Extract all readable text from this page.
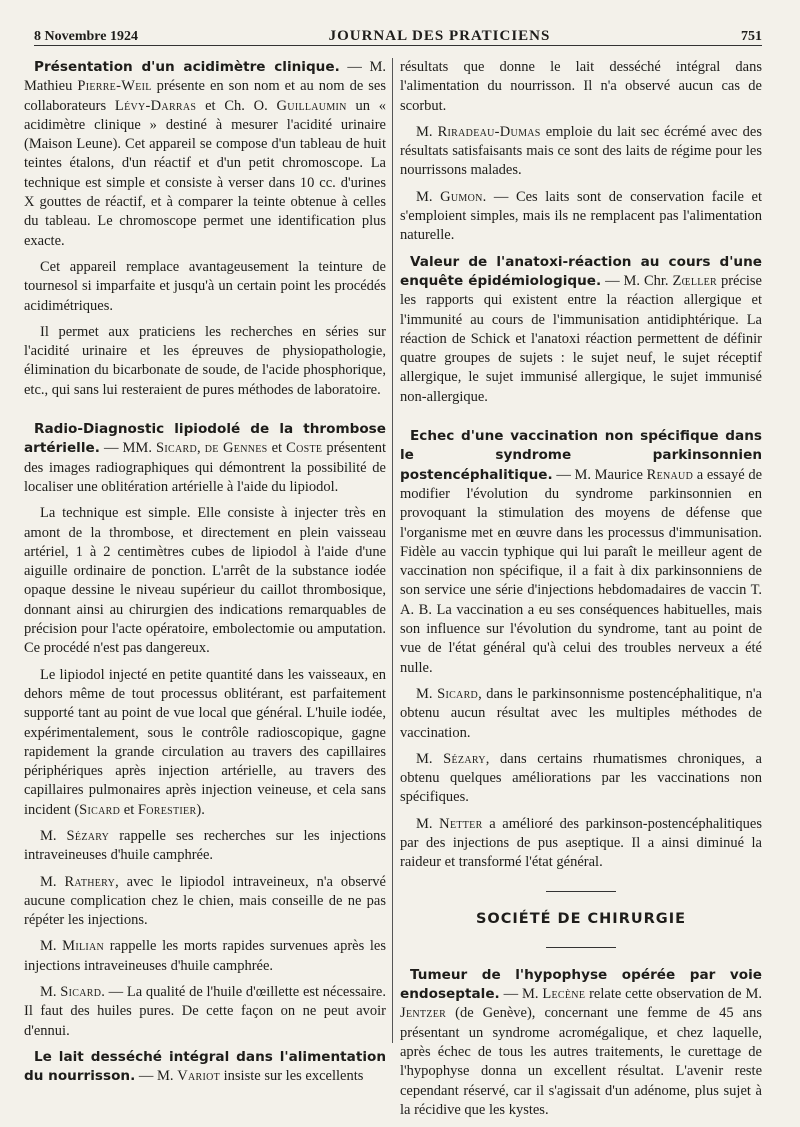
8 Novembre 1924	JOURNAL DES PRATICIENS	751

Présentation d'un acidimètre clinique. — M. Mathieu Pierre-Weil présente en son nom et au nom de ses collaborateurs Lévy-Darras et Ch. O. Guillaumin un « acidimètre clinique » destiné à mesurer l'acidité urinaire (Maison Leune). Cet appareil se compose d'un tableau de huit teintes étalons, d'un réactif et d'un petit chromoscope. La technique est simple et consiste à verser dans 10 cc. d'urines X gouttes de réactif, et à comparer la teinte obtenue à celles du tableau. Le chromoscope permet une identification plus exacte.

Cet appareil remplace avantageusement la teinture de tournesol si imparfaite et jusqu'à un certain point les procédés acidimétriques.

Il permet aux praticiens les recherches en séries sur l'acidité urinaire et les épreuves de physiopathologie, élimination du bicarbonate de soude, de l'acide phosphorique, etc., qui sans lui resteraient de pures méthodes de laboratoire.

Radio-Diagnostic lipiodolé de la thrombose artérielle. — MM. Sicard, de Gennes et Coste présentent des images radiographiques qui démontrent la possibilité de localiser une oblitération artérielle à l'aide du lipiodol.

La technique est simple. Elle consiste à injecter très en amont de la thrombose, et directement en plein vaisseau artériel, 1 à 2 centimètres cubes de lipiodol à l'aide d'une aiguille ordinaire de ponction. L'arrêt de la substance iodée opaque dessine le niveau supérieur du caillot thrombosique, donnant ainsi au chirurgien des indications remarquables de précision pour l'acte opératoire, embolectomie ou amputation. Ce procédé n'est pas dangereux.

Le lipiodol injecté en petite quantité dans les vaisseaux, en dehors même de tout processus oblitérant, est parfaitement supporté tant au point de vue local que général. L'huile iodée, expérimentalement, sous le contrôle radioscopique, gagne rapidement la grande circulation au travers des capillaires périphériques après injection artérielle, au travers des capillaires pulmonaires après injection veineuse, et cela sans incident (Sicard et Forestier).

M. Sézary rappelle ses recherches sur les injections intraveineuses d'huile camphrée.

M. Rathery, avec le lipiodol intraveineux, n'a observé aucune complication chez le chien, mais conseille de ne pas répéter les injections.

M. Milian rappelle les morts rapides survenues après les injections intraveineuses d'huile camphrée.

M. Sicard. — La qualité de l'huile d'œillette est nécessaire. Il faut des huiles pures. De cette façon on ne peut avoir d'ennui.

Le lait desséché intégral dans l'alimentation du nourrisson. — M. Variot insiste sur les excellents

résultats que donne le lait desséché intégral dans l'alimentation du nourrisson. Il n'a observé aucun cas de scorbut.

M. Riradeau-Dumas emploie du lait sec écrémé avec des résultats satisfaisants mais ce sont des laits de régime pour les nourrissons malades.

M. Gumon. — Ces laits sont de conservation facile et s'emploient simples, mais ils ne remplacent pas l'alimentation naturelle.

Valeur de l'anatoxi-réaction au cours d'une enquête épidémiologique. — M. Chr. Zœller précise les rapports qui existent entre la réaction allergique et l'immunité au cours de l'immunisation antidiphtérique. La réaction de Schick et l'anatoxi réaction permettent de définir quatre groupes de sujets : le sujet neuf, le sujet réceptif allergique, le sujet immunisé allergique, le sujet immunisé non-allergique.

Echec d'une vaccination non spécifique dans le syndrome parkinsonnien postencéphalitique. — M. Maurice Renaud a essayé de modifier l'évolution du syndrome parkinsonnien en provoquant la stimulation des moyens de défense que l'organisme met en œuvre dans les processus d'immunisation. Fidèle au vaccin typhique qui lui paraît le meilleur agent de vaccination non spécifique, il a fait à dix parkinsonniens de son service une série d'injections hebdomadaires de vaccin T. A. B. La vaccination a eu ses conséquences habituelles, mais son influence sur l'évolution du syndrome, tant au point de vue de l'état général qu'à celui des troubles nerveux a été nulle.

M. Sicard, dans le parkinsonnisme postencéphalitique, n'a obtenu aucun résultat avec les multiples méthodes de vaccination.

M. Sézary, dans certains rhumatismes chroniques, a obtenu quelques améliorations par les vaccinations non spécifiques.

M. Netter a amélioré des parkinson-postencéphalitiques par des injections de pus aseptique. Il a ainsi diminué la raideur et transformé l'état général.

SOCIÉTÉ DE CHIRURGIE

Tumeur de l'hypophyse opérée par voie endoseptale. — M. Lecène relate cette observation de M. Jentzer (de Genève), concernant une femme de 45 ans présentant un syndrome acromégalique, et chez laquelle, après échec de tous les autres traitements, le curettage de l'hypophyse donna un excellent résultat. L'avenir reste cependant réservé, car il s'agissait d'un adénome, plus sujet à la récidive que les kystes.
